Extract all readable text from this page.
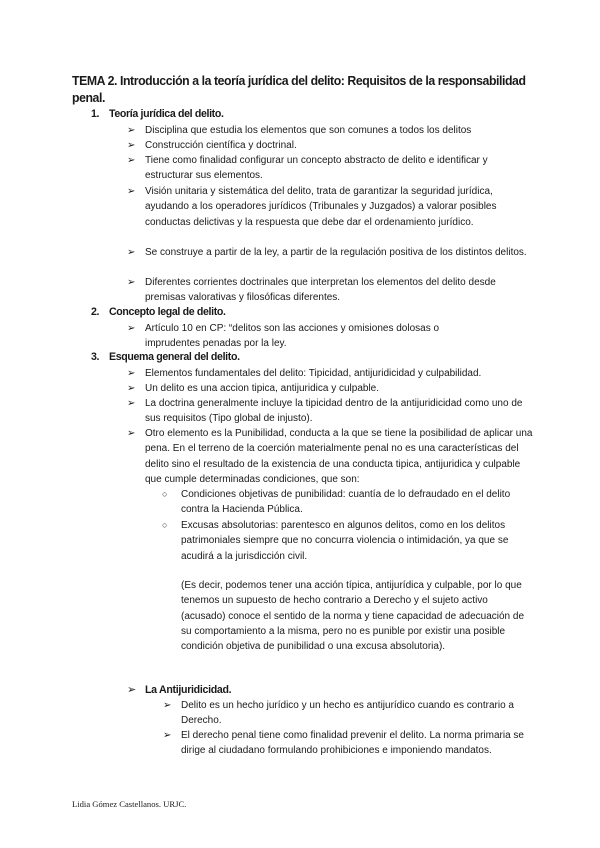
TEMA 2. Introducción a la teoría jurídica del delito: Requisitos de la responsabilidad penal.
1. Teoría jurídica del delito.
➢ Disciplina que estudia los elementos que son comunes a todos los delitos
➢ Construcción científica y doctrinal.
➢ Tiene como finalidad configurar un concepto abstracto de delito e identificar y estructurar sus elementos.
➢ Visión unitaria y sistemática del delito, trata de garantizar la seguridad jurídica, ayudando a los operadores jurídicos (Tribunales y Juzgados) a valorar posibles conductas delictivas y la respuesta que debe dar el ordenamiento jurídico.
➢ Se construye a partir de la ley, a partir de la regulación positiva de los distintos delitos.
➢ Diferentes corrientes doctrinales que interpretan los elementos del delito desde premisas valorativas y filosóficas diferentes.
2. Concepto legal de delito.
➢ Artículo 10 en CP: “delitos son las acciones y omisiones dolosas o imprudentes penadas por la ley.
3. Esquema general del delito.
➢ Elementos fundamentales del delito: Tipicidad, antijuridicidad y culpabilidad.
➢ Un delito es una accion tipica, antijuridica y culpable.
➢ La doctrina generalmente incluye la tipicidad dentro de la antijuridicidad como uno de sus requisitos (Tipo global de injusto).
➢ Otro elemento es la Punibilidad, conducta a la que se tiene la posibilidad de aplicar una pena. En el terreno de la coerción materialmente penal no es una características del delito sino el resultado de la existencia de una conducta tipica, antijuridica y culpable que cumple determinadas condiciones, que son:
○ Condiciones objetivas de punibilidad: cuantía de lo defraudado en el delito contra la Hacienda Pública.
○ Excusas absolutorias: parentesco en algunos delitos, como en los delitos patrimoniales siempre que no concurra violencia o intimidación, ya que se acudirá a la jurisdicción civil.
(Es decir, podemos tener una acción típica, antijurídica y culpable, por lo que tenemos un supuesto de hecho contrario a Derecho y el sujeto activo (acusado) conoce el sentido de la norma y tiene capacidad de adecuación de su comportamiento a la misma, pero no es punible por existir una posible condición objetiva de punibilidad o una excusa absolutoria).
➢ La Antijuridicidad.
➢ Delito es un hecho jurídico y un hecho es antijurídico cuando es contrario a Derecho.
➢ El derecho penal tiene como finalidad prevenir el delito. La norma primaria se dirige al ciudadano formulando prohibiciones e imponiendo mandatos.
Lidia Gómez Castellanos. URJC.
